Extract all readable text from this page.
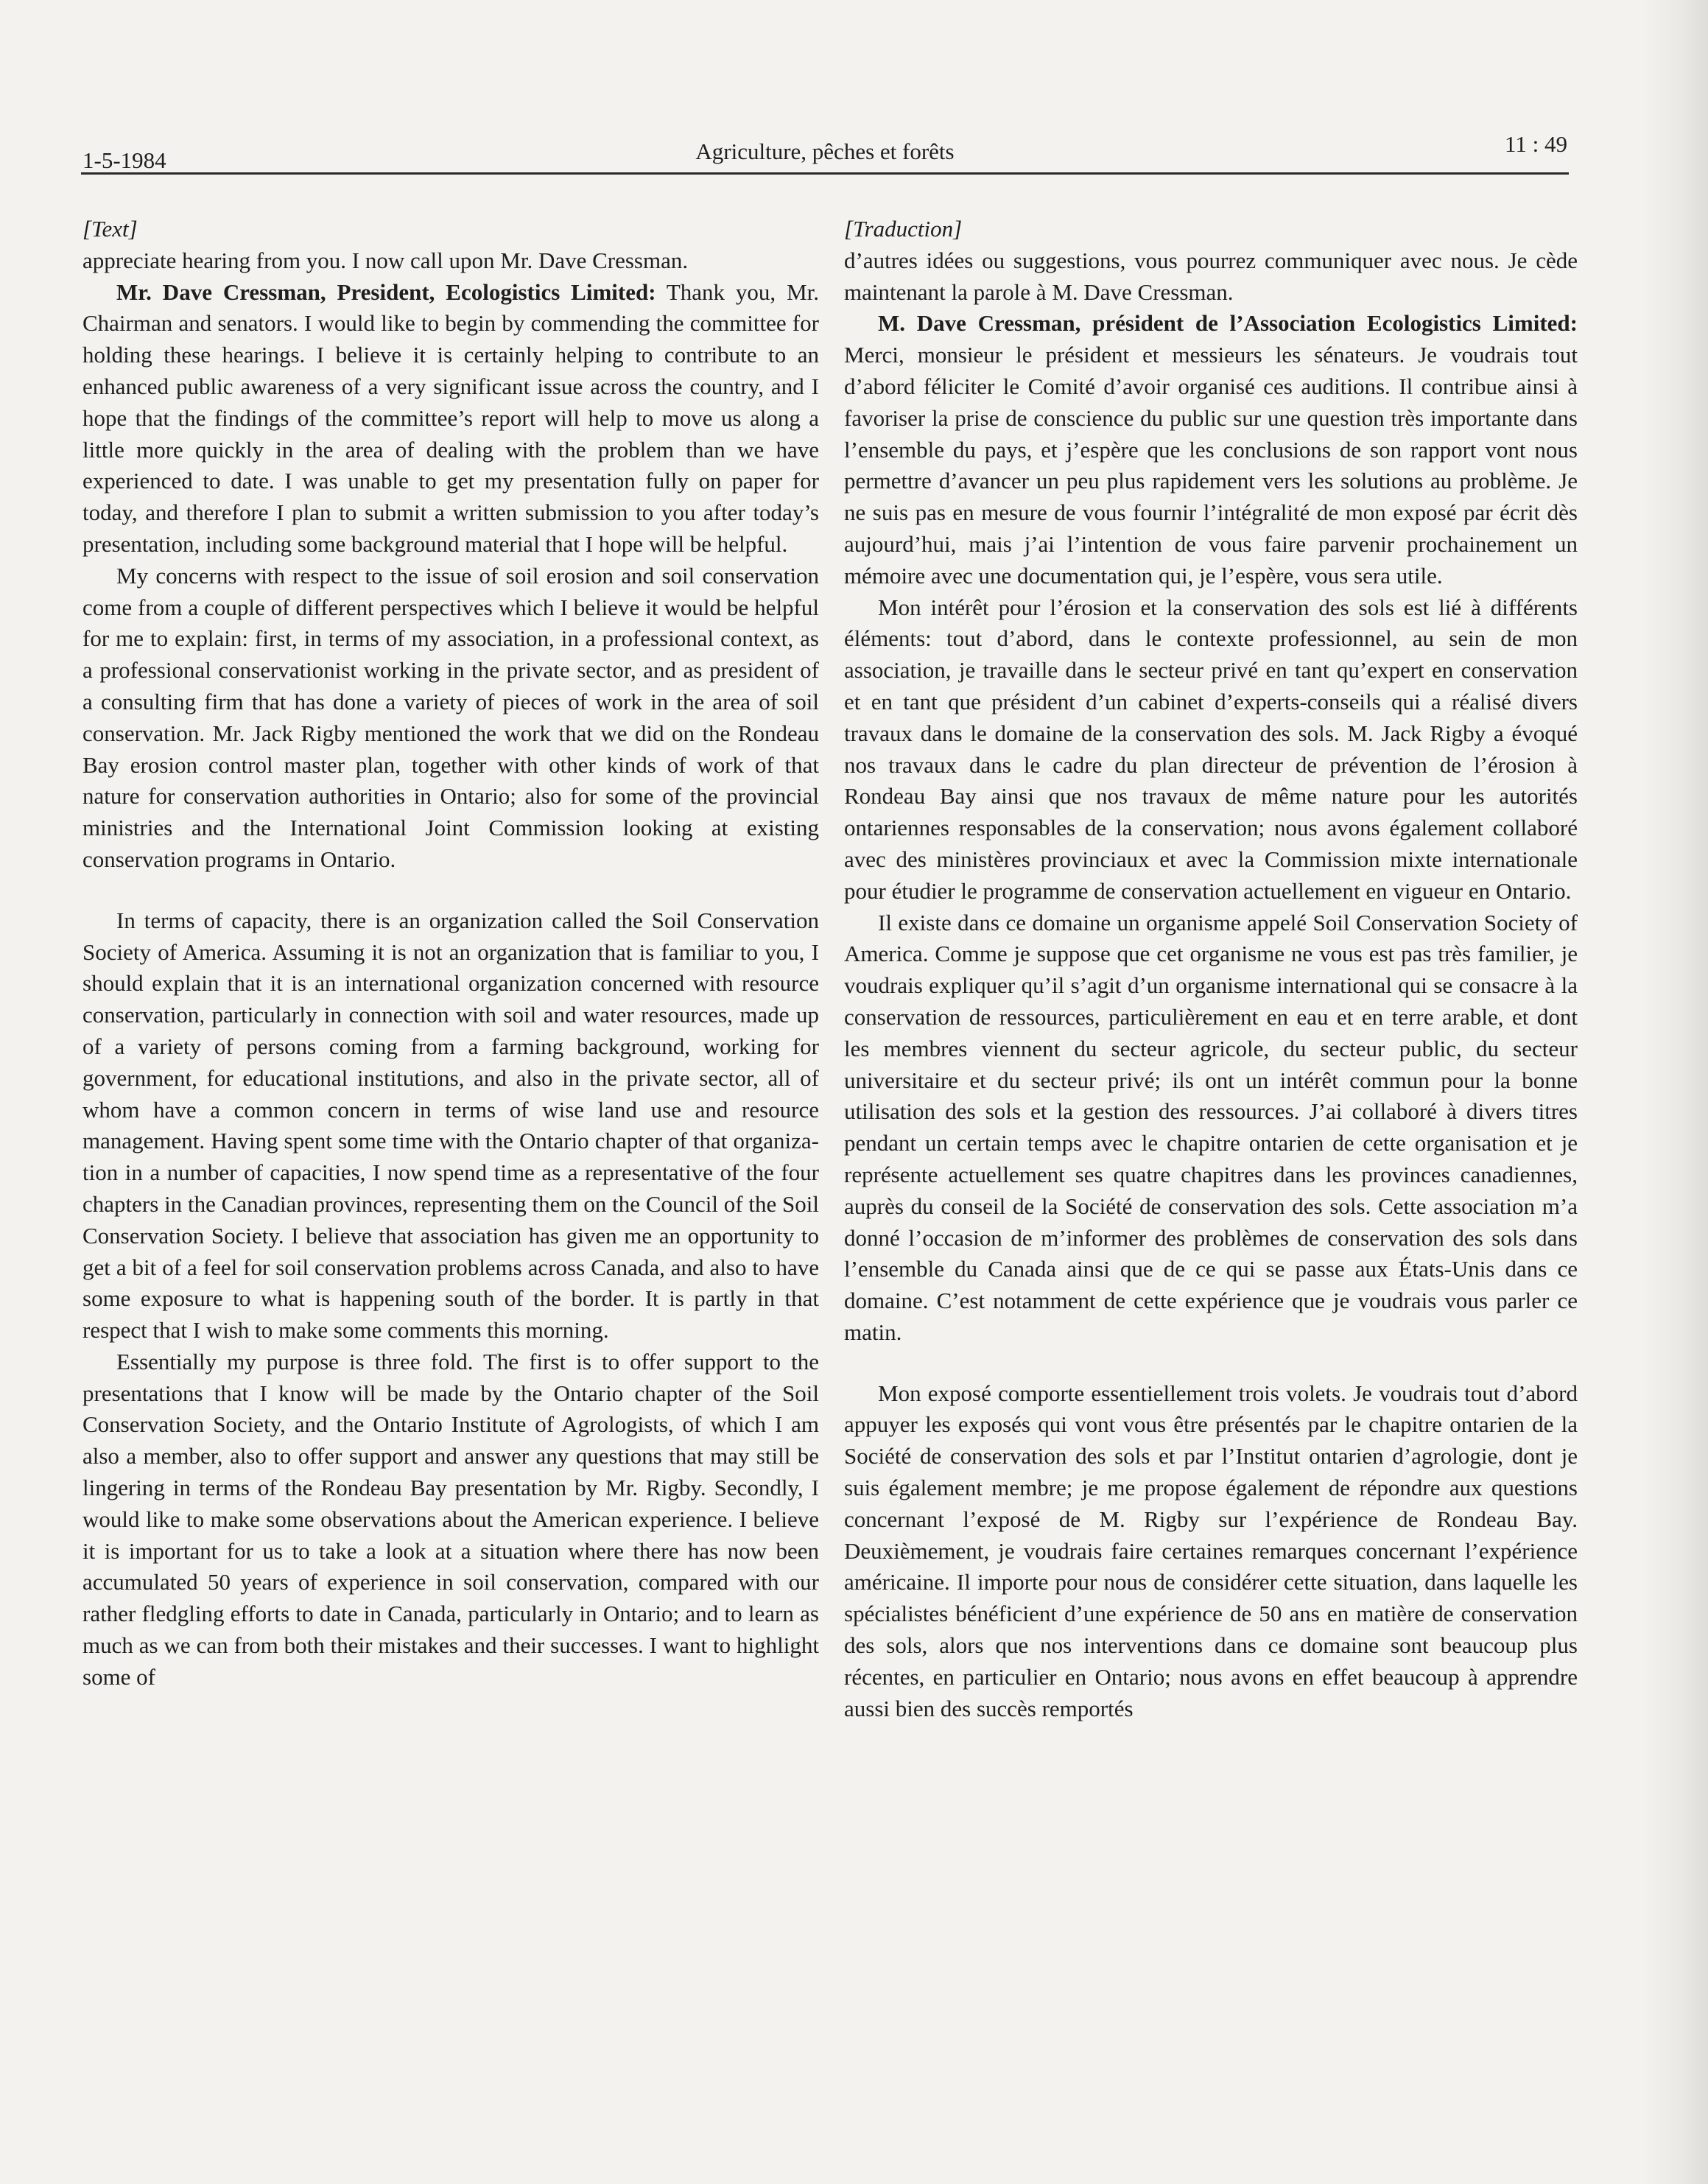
1-5-1984	Agriculture, pêches et forêts	11 : 49

[Text]

appreciate hearing from you. I now call upon Mr. Dave Cressman.

Mr. Dave Cressman, President, Ecologistics Limited: Thank you, Mr. Chairman and senators. I would like to begin by commending the committee for holding these hearings. I believe it is certainly helping to contribute to an enhanced public awareness of a very significant issue across the country, and I hope that the findings of the committee’s report will help to move us along a little more quickly in the area of dealing with the problem than we have experienced to date. I was unable to get my presentation fully on paper for today, and therefore I plan to submit a written submission to you after today’s presentation, including some background material that I hope will be helpful.

My concerns with respect to the issue of soil erosion and soil conservation come from a couple of different perspectives which I believe it would be helpful for me to explain: first, in terms of my association, in a professional context, as a professional conservationist working in the private sector, and as president of a consulting firm that has done a variety of pieces of work in the area of soil conservation. Mr. Jack Rigby mentioned the work that we did on the Rondeau Bay erosion control master plan, together with other kinds of work of that nature for conservation authorities in Ontario; also for some of the provincial ministries and the International Joint Commission looking at existing conservation programs in Ontario.

In terms of capacity, there is an organization called the Soil Conservation Society of America. Assuming it is not an organization that is familiar to you, I should explain that it is an international organization concerned with resource conservation, particularly in connection with soil and water resources, made up of a variety of persons coming from a farming background, working for government, for educational institutions, and also in the private sector, all of whom have a common concern in terms of wise land use and resource management. Having spent some time with the Ontario chapter of that organization in a number of capacities, I now spend time as a representative of the four chapters in the Canadian provinces, representing them on the Council of the Soil Conservation Society. I believe that association has given me an opportunity to get a bit of a feel for soil conservation problems across Canada, and also to have some exposure to what is happening south of the border. It is partly in that respect that I wish to make some comments this morning.

Essentially my purpose is three fold. The first is to offer support to the presentations that I know will be made by the Ontario chapter of the Soil Conservation Society, and the Ontario Institute of Agrologists, of which I am also a member, also to offer support and answer any questions that may still be lingering in terms of the Rondeau Bay presentation by Mr. Rigby. Secondly, I would like to make some observations about the American experience. I believe it is important for us to take a look at a situation where there has now been accumulated 50 years of experience in soil conservation, compared with our rather fledgling efforts to date in Canada, particularly in Ontario; and to learn as much as we can from both their mistakes and their successes. I want to highlight some of

[Traduction]

d’autres idées ou suggestions, vous pourrez communiquer avec nous. Je cède maintenant la parole à M. Dave Cressman.

M. Dave Cressman, président de l’Association Ecologistics Limited: Merci, monsieur le président et messieurs les sénateurs. Je voudrais tout d’abord féliciter le Comité d’avoir organisé ces auditions. Il contribue ainsi à favoriser la prise de conscience du public sur une question très importante dans l’ensemble du pays, et j’espère que les conclusions de son rapport vont nous permettre d’avancer un peu plus rapidement vers les solutions au problème. Je ne suis pas en mesure de vous fournir l’intégralité de mon exposé par écrit dès aujourd’hui, mais j’ai l’intention de vous faire parvenir prochainement un mémoire avec une documentation qui, je l’espère, vous sera utile.

Mon intérêt pour l’érosion et la conservation des sols est lié à différents éléments: tout d’abord, dans le contexte professionnel, au sein de mon association, je travaille dans le secteur privé en tant qu’expert en conservation et en tant que président d’un cabinet d’experts-conseils qui a réalisé divers travaux dans le domaine de la conservation des sols. M. Jack Rigby a évoqué nos travaux dans le cadre du plan directeur de prévention de l’érosion à Rondeau Bay ainsi que nos travaux de même nature pour les autorités ontariennes responsables de la conservation; nous avons également collaboré avec des ministères provinciaux et avec la Commission mixte internationale pour étudier le programme de conservation actuellement en vigueur en Ontario.

Il existe dans ce domaine un organisme appelé Soil Conservation Society of America. Comme je suppose que cet organisme ne vous est pas très familier, je voudrais expliquer qu’il s’agit d’un organisme international qui se consacre à la conservation de ressources, particulièrement en eau et en terre arable, et dont les membres viennent du secteur agricole, du secteur public, du secteur universitaire et du secteur privé; ils ont un intérêt commun pour la bonne utilisation des sols et la gestion des ressources. J’ai collaboré à divers titres pendant un certain temps avec le chapitre ontarien de cette organisation et je représente actuellement ses quatre chapitres dans les provinces canadiennes, auprès du conseil de la Société de conservation des sols. Cette association m’a donné l’occasion de m’informer des problèmes de conservation des sols dans l’ensemble du Canada ainsi que de ce qui se passe aux États-Unis dans ce domaine. C’est notamment de cette expérience que je voudrais vous parler ce matin.

Mon exposé comporte essentiellement trois volets. Je voudrais tout d’abord appuyer les exposés qui vont vous être présentés par le chapitre ontarien de la Société de conservation des sols et par l’Institut ontarien d’agrologie, dont je suis également membre; je me propose également de répondre aux questions concernant l’exposé de M. Rigby sur l’expérience de Rondeau Bay. Deuxièmement, je voudrais faire certaines remarques concernant l’expérience américaine. Il importe pour nous de considérer cette situation, dans laquelle les spécialistes bénéficient d’une expérience de 50 ans en matière de conservation des sols, alors que nos interventions dans ce domaine sont beaucoup plus récentes, en particulier en Ontario; nous avons en effet beaucoup à apprendre aussi bien des succès remportés
